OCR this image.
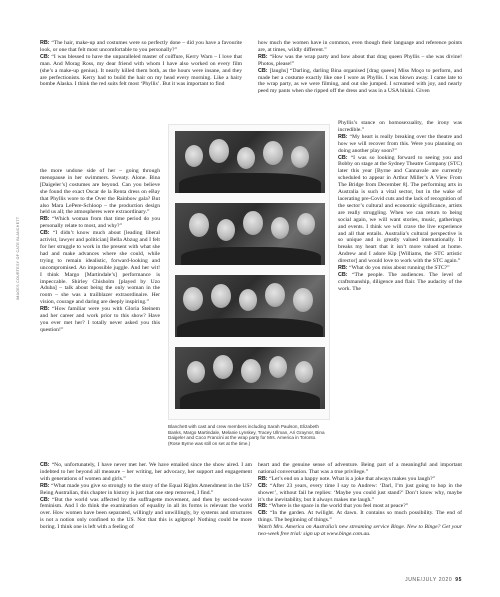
RB: “The hair, make-up and costumes were so perfectly done – did you have a favourite look, or one that felt most uncomfortable to you personally?”

CB: “I was blessed to have the unparalleled master of coiffure, Kerry Warn – I love that man. And Morag Ross, my dear friend with whom I have also worked on every film (she’s a make-up genius). It nearly killed them both, as the hours were insane, and they are perfectionists. Kerry had to build the hair on my head every morning. Like a hairy bombe Alaska. I think the red suits felt most ‘Phyllis’. But it was important to find

the more undone side of her – going through menopause in her swimmers. Sweaty. Alone. Bina [Daigeler’s] costumes are beyond. Can you believe she found the exact Oscar de la Renta dress on eBay that Phyllis wore to the Over the Rainbow gala? But also Mara LePere-Schloop – the production design held us all; the atmospheres were extraordinary.”

RB: “Which woman from that time period do you personally relate to most, and why?”

CB: “I didn’t know much about [leading liberal activist, lawyer and politician] Bella Abzug and I felt for her struggle to work in the present with what she had and make advances where she could, while trying to remain idealistic, forward-looking and uncompromised. An impossible juggle. And her wit! I think Margo [Martindale’s] performance is impeccable. Shirley Chisholm [played by Uzo Aduba] – talk about being the only woman in the room – she was a trailblazer extraordinaire. Her vision, courage and daring are deeply inspiring.”

RB: “How familiar were you with Gloria Steinem and her career and work prior to this show? Have you ever met her? I totally never asked you this question!”

how much the women have in common, even though their language and reference points are, at times, wildly different.”

RB: “How was the wrap party and how about that drag queen Phyllis – she was divine! Photos, please!”

CB: [laughs] “Darling, darling Bina organised [drag queen] Miss Moço to perform, and made her a costume exactly like one I wore as Phyllis. I was blown away. I came late to the wrap party, as we were filming, and out she jumped. I screamed with joy, and nearly peed my pants when she ripped off the dress and was in a USA bikini. Given

Phyllis’s stance on homosexuality, the irony was incredible.”

RB: “My heart is really breaking over the theatre and how we will recover from this. Were you planning on doing another play soon?”

CB: “I was so looking forward to seeing you and Bobby on stage at the Sydney Theatre Company (STC) later this year [Byrne and Cannavale are currently scheduled to appear in Arthur Miller’s A View From The Bridge from December 8]. The performing arts in Australia is such a vital sector, but in the wake of lacerating pre-Covid cuts and the lack of recognition of the sector’s cultural and economic significance, artists are really struggling. When we can return to being social again, we will want stories, music, gatherings and events. I think we will crave the live experience and all that entails. Australia’s cultural perspective is so unique and is greatly valued internationally. It breaks my heart that it isn’t more valued at home. Andrew and I adore Kip [Williams, the STC artistic director] and would love to work with the STC again.”

RB: “What do you miss about running the STC?”

CB: “The people. The audiences. The level of craftsmanship, diligence and flair. The audacity of the work. The

Blanchett with cast and crew members including Sarah Paulson, Elizabeth Banks, Margo Martindale, Melanie Lynskey, Tracey Ullman, Ari Graynor, Bina Daigeler and Coco Francini at the wrap party for Mrs. America in Toronto. (Rose Byrne was still on set at the time.)

CB: “No, unfortunately, I have never met her. We have emailed since the show aired. I am indebted to her beyond all measure – her writing, her advocacy, her support and engagement with generations of women and girls.”

RB: “What made you give so strongly to the story of the Equal Rights Amendment in the US? Being Australian, this chapter in history is just that one step removed, I find.”

CB: “But the world was affected by the suffragette movement, and then by second-wave feminism. And I do think the examination of equality in all its forms is relevant the world over. How women have been separated, willingly and unwillingly, by systems and structures is not a notion only confined to the US. Not that this is agitprop! Nothing could be more boring. I think one is left with a feeling of

heart and the genuine sense of adventure. Being part of a meaningful and important national conversation. That was a true privilege.”

RB: “Let’s end on a happy note. What is a joke that always makes you laugh?”

CB: “After 23 years, every time I say to Andrew: ‘Darl, I’m just going to hop in the shower’, without fail he replies: ‘Maybe you could just stand?’ Don’t know why, maybe it’s the inevitability, but it always makes me laugh.”

RB: “Where is the space in the world that you feel most at peace?”

CB: “In the garden. At twilight. At dawn. It contains so much possibility. The end of things. The beginning of things.”

Watch Mrs. America on Australia’s new streaming service Binge. New to Binge? Get your two-week free trial: sign up at www.binge.com.au.

IMAGES COURTESY OF CATE BLANCHETT
JUNE/JULY 2020 95
